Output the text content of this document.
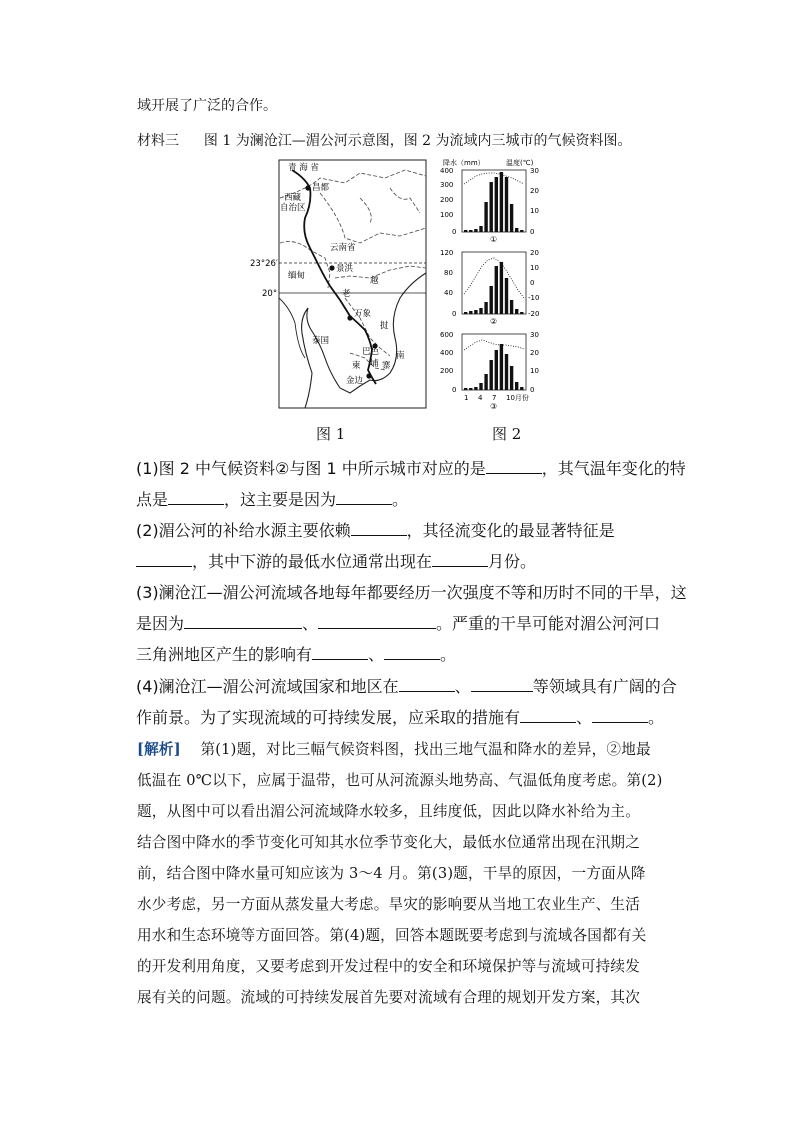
域开展了广泛的合作。
材料三 图 1 为澜沧江—湄公河示意图，图 2 为流域内三城市的气候资料图。
青 海 省
昌都
西藏
自治区
云南省
23°26′
20°
缅甸
景洪
越
老
万象
挝
泰国
巴色
柬 埔 寨
南
金边
图 1
降水（mm）	温度(℃)
400
300
200
100
0
30
20
10
0
①
120
80
40
0
20
10
0
-10
-20
②
600
400
200
0
30
20
10
0
1 4 7 10月份
③
图 2
(1)图 2 中气候资料②与图 1 中所示城市对应的是	，其气温年变化的特
点是	，这主要是因为	。
(2)湄公河的补给水源主要依赖	，其径流变化的最显著特征是
，其中下游的最低水位通常出现在	月份。
(3)澜沧江—湄公河流域各地每年都要经历一次强度不等和历时不同的干旱，这
是因为	、	。严重的干旱可能对湄公河河口
三角洲地区产生的影响有	、	。
(4)澜沧江—湄公河流域国家和地区在	、	等领域具有广阔的合
作前景。为了实现流域的可持续发展，应采取的措施有	、	。
[解析] 第(1)题，对比三幅气候资料图，找出三地气温和降水的差异，②地最
低温在 0℃以下，应属于温带，也可从河流源头地势高、气温低角度考虑。第(2)
题，从图中可以看出湄公河流域降水较多，且纬度低，因此以降水补给为主。
结合图中降水的季节变化可知其水位季节变化大，最低水位通常出现在汛期之
前，结合图中降水量可知应该为 3～4 月。第(3)题，干旱的原因，一方面从降
水少考虑，另一方面从蒸发量大考虑。旱灾的影响要从当地工农业生产、生活
用水和生态环境等方面回答。第(4)题，回答本题既要考虑到与流域各国都有关
的开发利用角度，又要考虑到开发过程中的安全和环境保护等与流域可持续发
展有关的问题。流域的可持续发展首先要对流域有合理的规划开发方案，其次
